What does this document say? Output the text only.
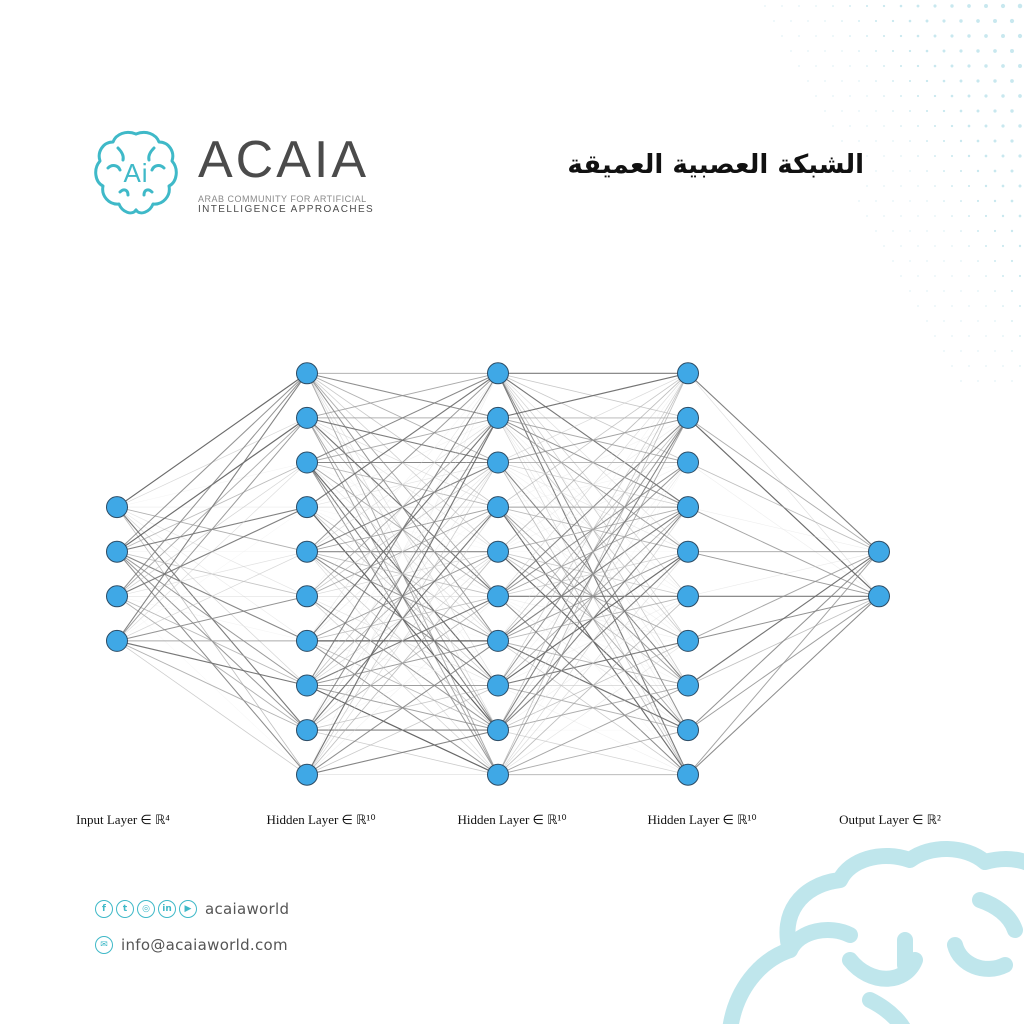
Ai ACAIA
ARAB COMMUNITY FOR ARTIFICIAL
INTELLIGENCE APPROACHES
الشبكة العصبية العميقة
Input Layer ∈ ℝ⁴	Hidden Layer ∈ ℝ¹⁰	Hidden Layer ∈ ℝ¹⁰	Hidden Layer ∈ ℝ¹⁰	Output Layer ∈ ℝ²
f	t	◎	in	▶ acaiaworld
✉ info@acaiaworld.com
